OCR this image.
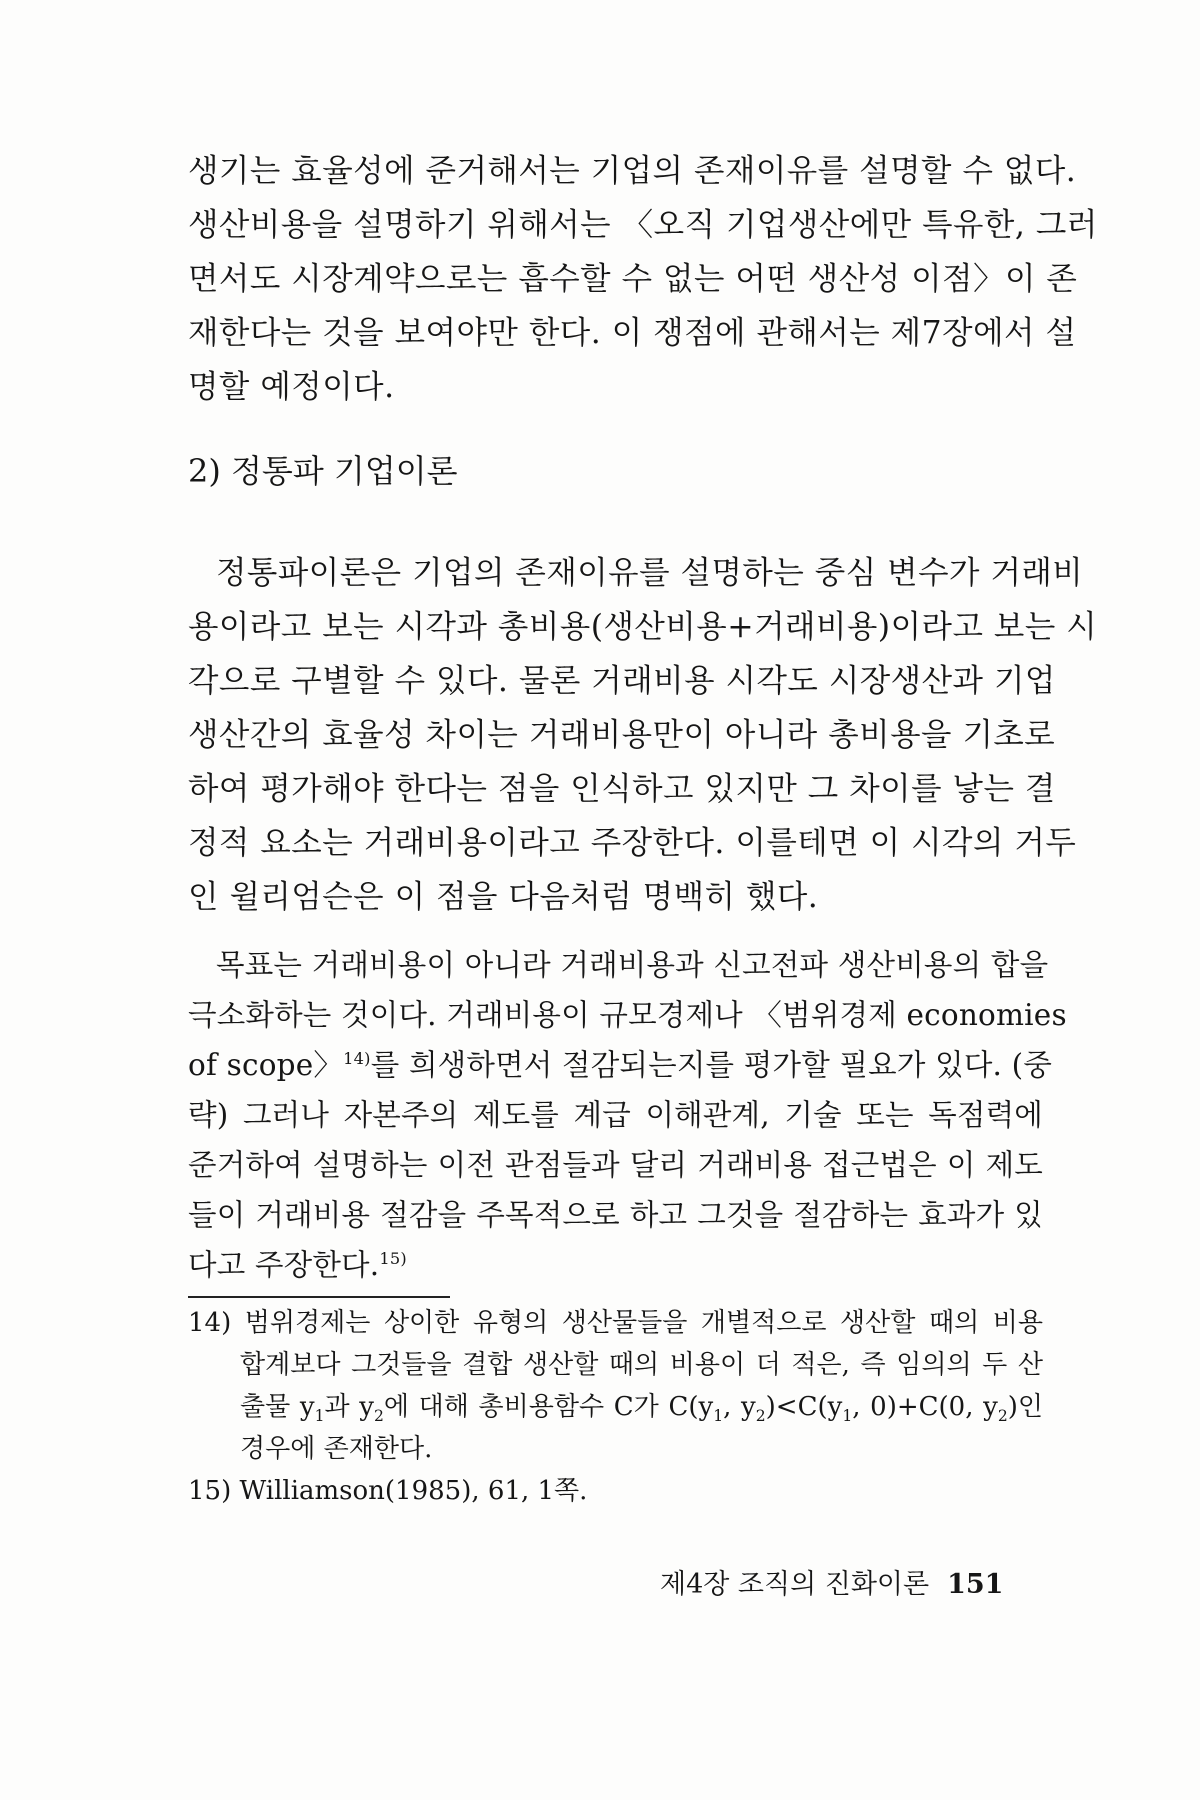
생기는 효율성에 준거해서는 기업의 존재이유를 설명할 수 없다.
생산비용을 설명하기 위해서는 〈오직 기업생산에만 특유한, 그러
면서도 시장계약으로는 흡수할 수 없는 어떤 생산성 이점〉이 존
재한다는 것을 보여야만 한다. 이 쟁점에 관해서는 제7장에서 설
명할 예정이다.
2) 정통파 기업이론
정통파이론은 기업의 존재이유를 설명하는 중심 변수가 거래비
용이라고 보는 시각과 총비용(생산비용+거래비용)이라고 보는 시
각으로 구별할 수 있다. 물론 거래비용 시각도 시장생산과 기업
생산간의 효율성 차이는 거래비용만이 아니라 총비용을 기초로
하여 평가해야 한다는 점을 인식하고 있지만 그 차이를 낳는 결
정적 요소는 거래비용이라고 주장한다. 이를테면 이 시각의 거두
인 윌리엄슨은 이 점을 다음처럼 명백히 했다.
목표는 거래비용이 아니라 거래비용과 신고전파 생산비용의 합을
극소화하는 것이다. 거래비용이 규모경제나 〈범위경제 economies
of scope〉$^{14)}$를 희생하면서 절감되는지를 평가할 필요가 있다. (중
략) 그러나 자본주의 제도를 계급 이해관계, 기술 또는 독점력에
준거하여 설명하는 이전 관점들과 달리 거래비용 접근법은 이 제도
들이 거래비용 절감을 주목적으로 하고 그것을 절감하는 효과가 있
다고 주장한다.$^{15)}$
14) 범위경제는 상이한 유형의 생산물들을 개별적으로 생산할 때의 비용
합계보다 그것들을 결합 생산할 때의 비용이 더 적은, 즉 임의의 두 산
출물 $y_1$과 $y_2$에 대해 총비용함수 C가 $C(y_1$, $y_2)<C(y_1$, 0)+C(0, $y_2$)인
경우에 존재한다.
15) Williamson(1985), 61, 1쪽.
제4장 조직의 진화이론 151
